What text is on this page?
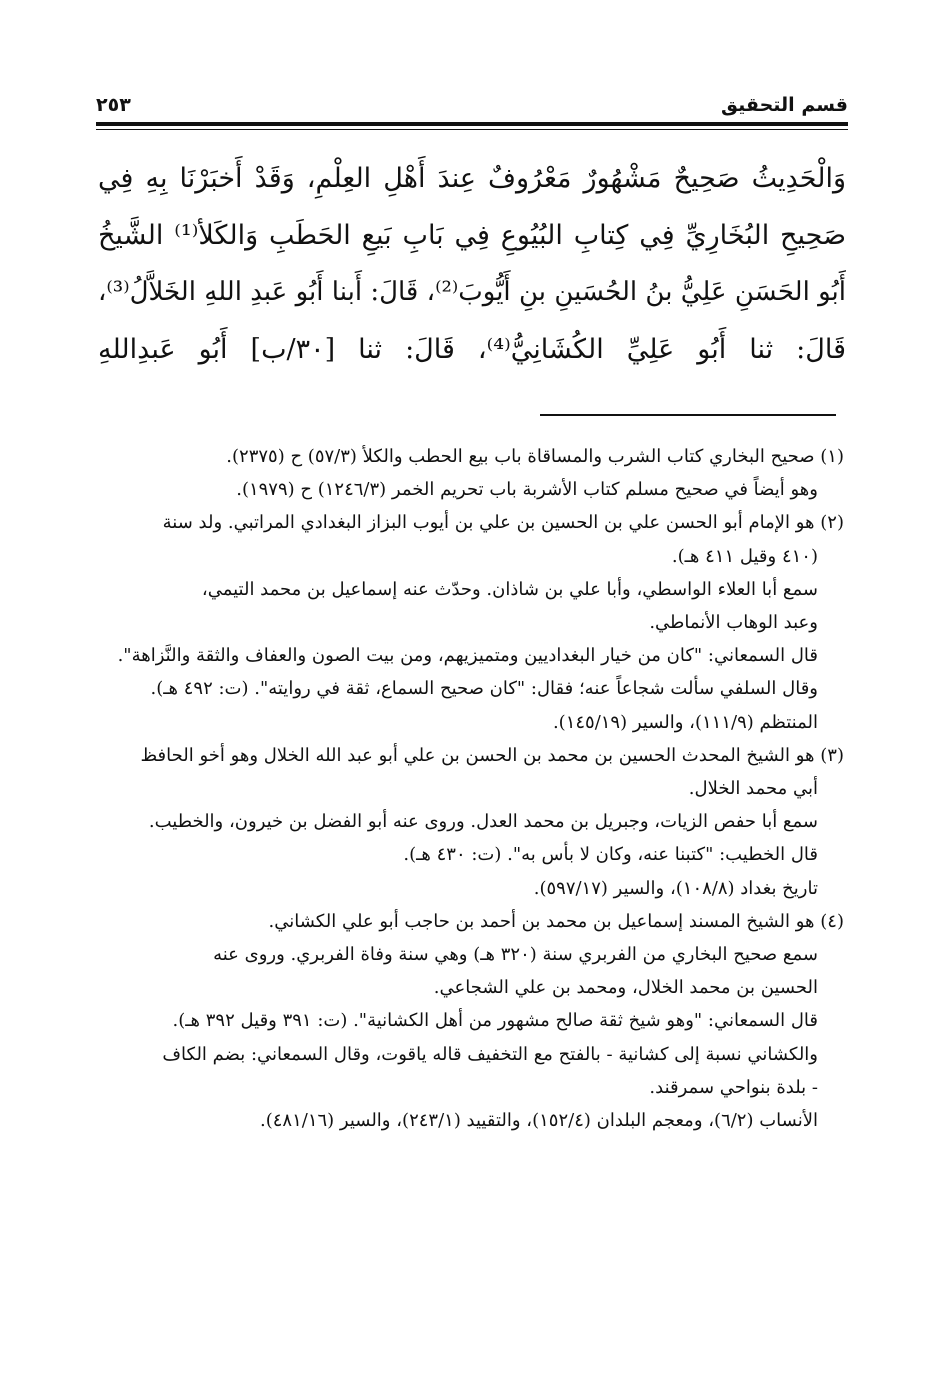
قسم التحقيق
٢٥٣
وَالْحَدِيثُ صَحِيحٌ مَشْهُورٌ مَعْرُوفٌ عِندَ أَهْلِ العِلْمِ، وَقَدْ أَخبَرْنَا بِهِ فِي
صَحِيحِ البُخَارِيِّ فِي كِتابِ البُيُوعِ فِي بَابِ بَيعِ الحَطَبِ وَالكَلأ⁽¹⁾ الشَّيخُ
أَبُو الحَسَنِ عَلِيُّ بنُ الحُسَينِ بنِ أَيُّوبَ⁽²⁾، قَالَ: أَبنا أَبُو عَبدِ اللهِ الخَلاَّلُ⁽³⁾،
قَالَ: ثنا أَبُو عَلِيِّ الكُشَانِيُّ⁽⁴⁾، قَالَ: ثنا [٣٠/ب] أَبُو عَبدِاللهِ
(١) صحيح البخاري كتاب الشرب والمساقاة باب بيع الحطب والكلأ (٥٧/٣) ح (٢٣٧٥).
وهو أيضاً في صحيح مسلم كتاب الأشربة باب تحريم الخمر (١٢٤٦/٣) ح (١٩٧٩).
(٢) هو الإمام أبو الحسن علي بن الحسين بن علي بن أيوب البزاز البغدادي المراتبي. ولد سنة
(٤١٠ وقيل ٤١١ هـ).
سمع أبا العلاء الواسطي، وأبا علي بن شاذان. وحدّث عنه إسماعيل بن محمد التيمي،
وعبد الوهاب الأنماطي.
قال السمعاني: "كان من خيار البغداديين ومتميزيهم، ومن بيت الصون والعفاف والثقة والنَّزاهة".
وقال السلفي سألت شجاعاً عنه؛ فقال: "كان صحيح السماع، ثقة في روايته". (ت: ٤٩٢ هـ).
المنتظم (١١١/٩)، والسير (١٤٥/١٩).
(٣) هو الشيخ المحدث الحسين بن محمد بن الحسن بن علي أبو عبد الله الخلال وهو أخو الحافظ
أبي محمد الخلال.
سمع أبا حفص الزيات، وجبريل بن محمد العدل. وروى عنه أبو الفضل بن خيرون، والخطيب.
قال الخطيب: "كتبنا عنه، وكان لا بأس به". (ت: ٤٣٠ هـ).
تاريخ بغداد (١٠٨/٨)، والسير (٥٩٧/١٧).
(٤) هو الشيخ المسند إسماعيل بن محمد بن أحمد بن حاجب أبو علي الكشاني.
سمع صحيح البخاري من الفربري سنة (٣٢٠ هـ) وهي سنة وفاة الفربري. وروى عنه
الحسين بن محمد الخلال، ومحمد بن علي الشجاعي.
قال السمعاني: "وهو شيخ ثقة صالح مشهور من أهل الكشانية". (ت: ٣٩١ وقيل ٣٩٢ هـ).
والكشاني نسبة إلى كشانية - بالفتح مع التخفيف قاله ياقوت، وقال السمعاني: بضم الكاف
- بلدة بنواحي سمرقند.
الأنساب (٦/٢)، ومعجم البلدان (١٥٢/٤)، والتقييد (٢٤٣/١)، والسير (٤٨١/١٦).
